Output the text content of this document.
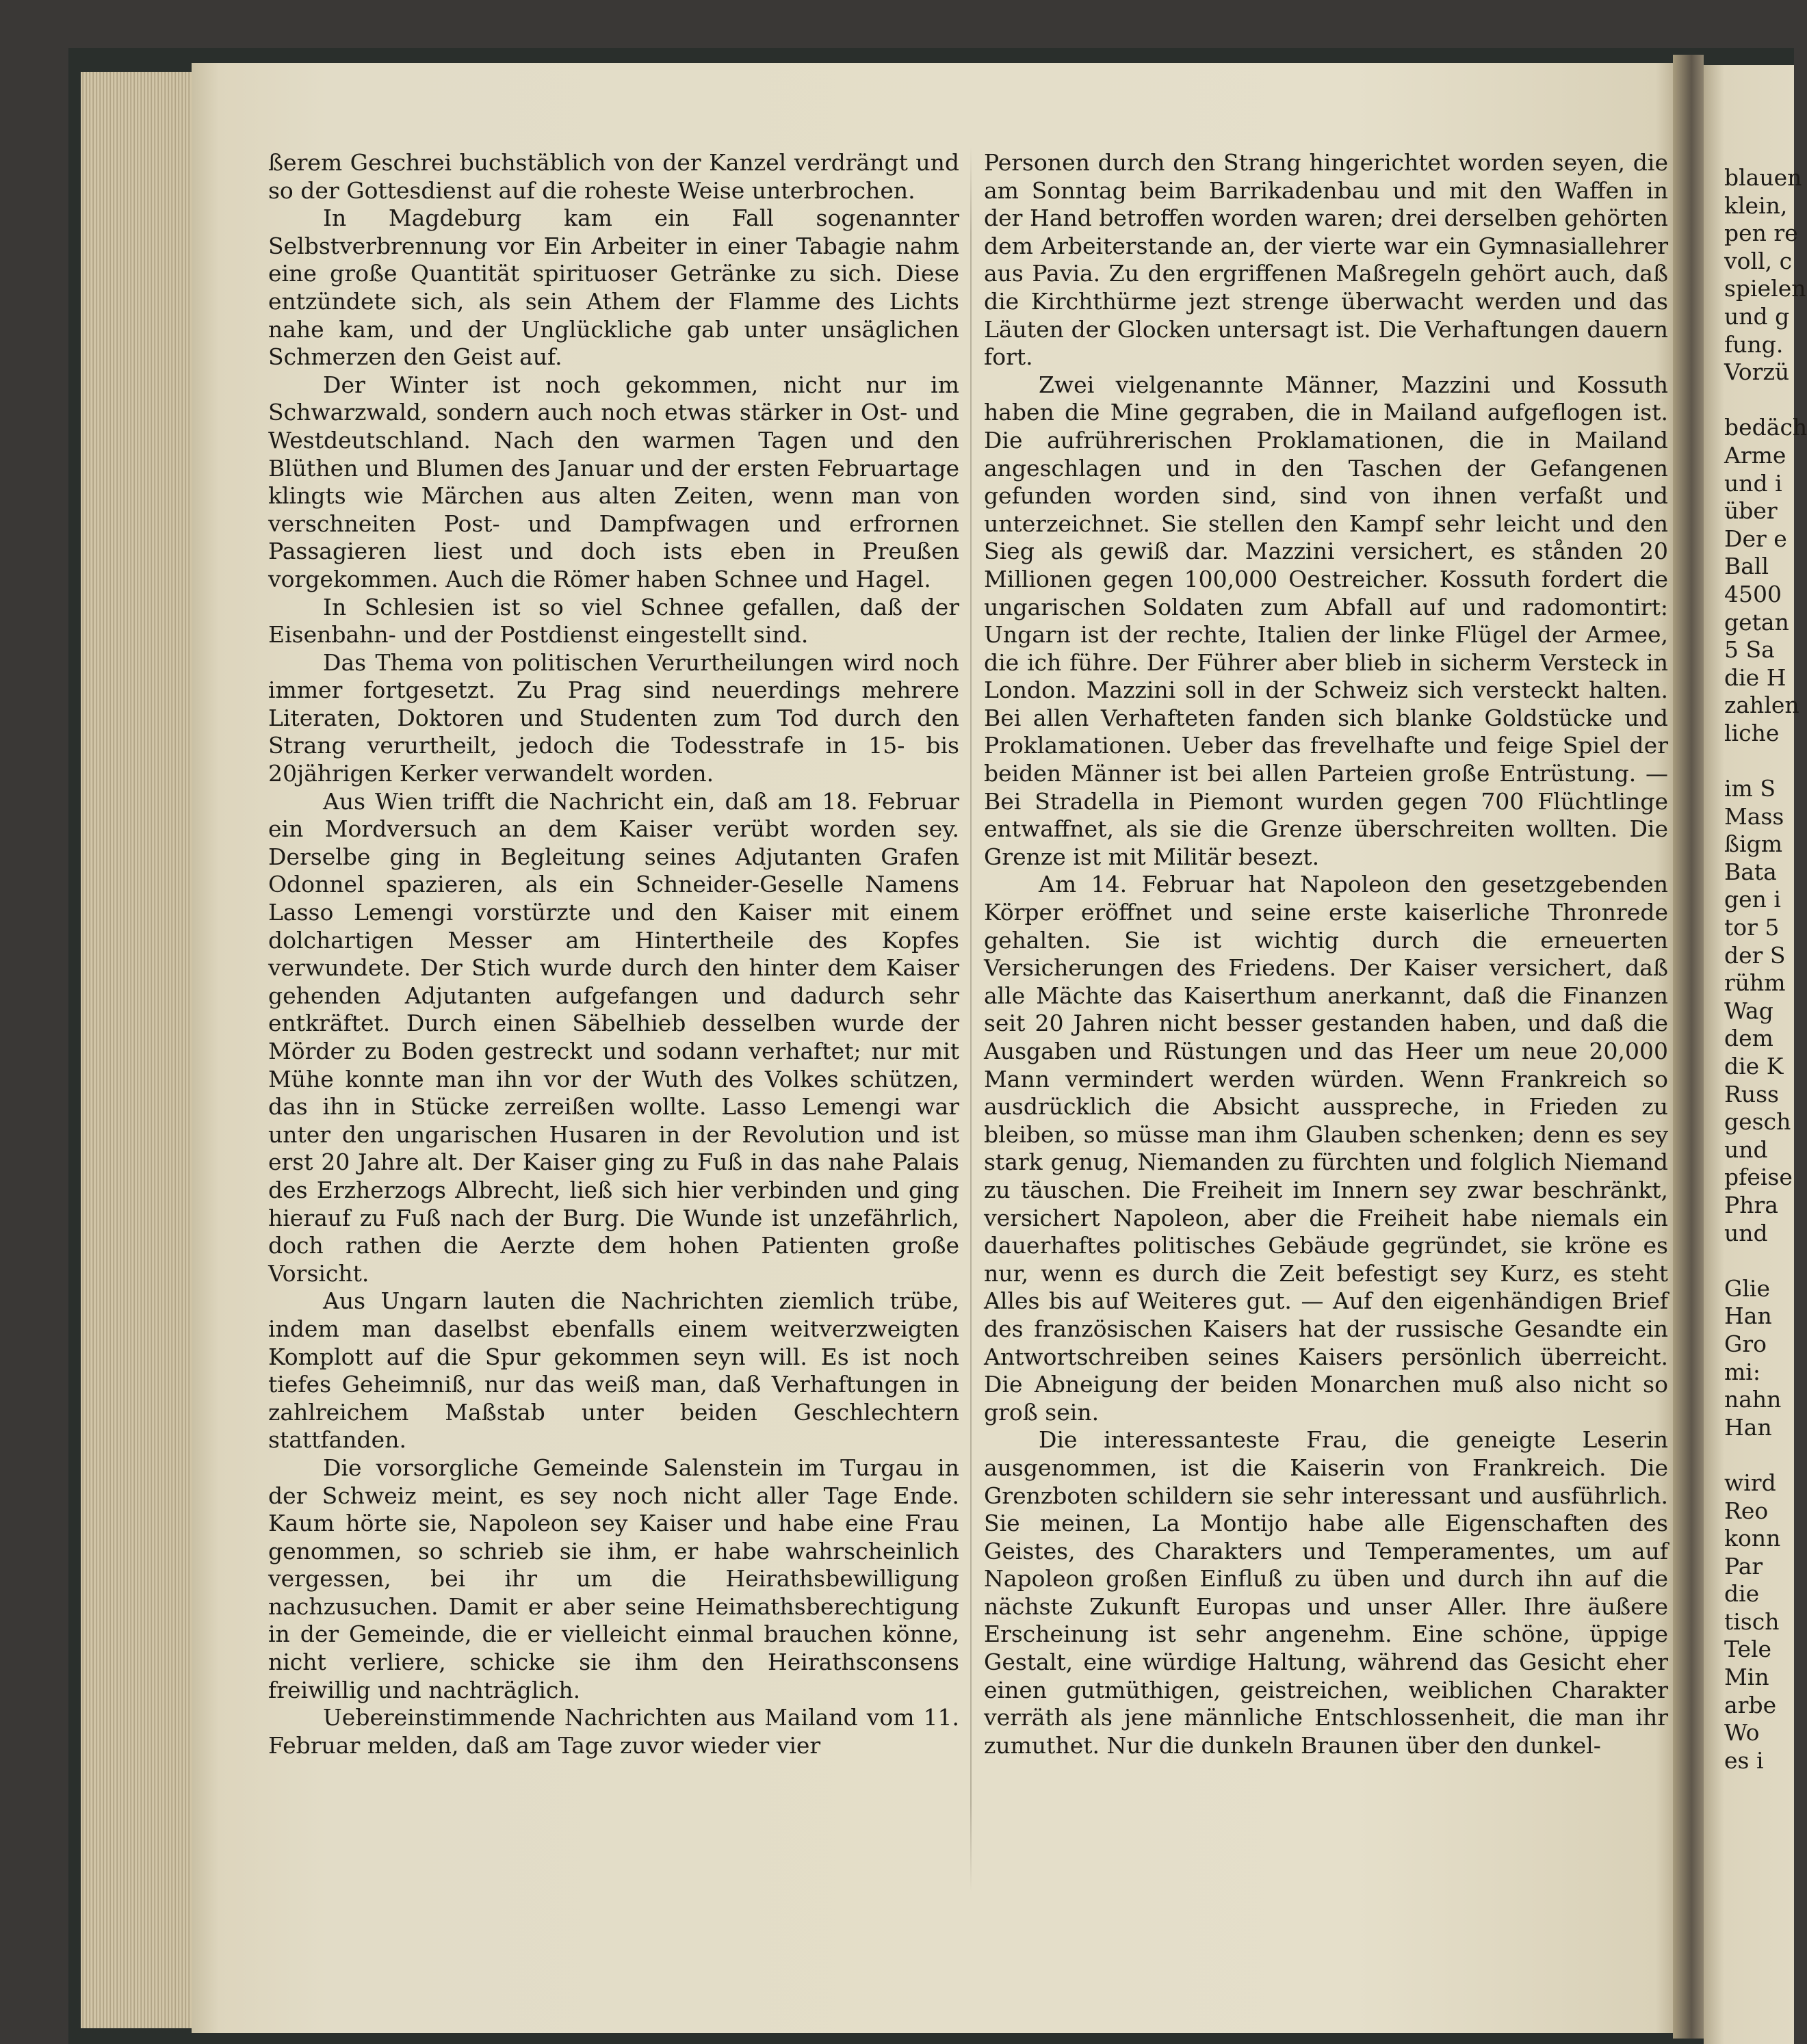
ßerem Geschrei buchstäblich von der Kanzel verdrängt und so der Gottesdienst auf die roheste Weise unterbrochen.

In Magdeburg kam ein Fall sogenannter Selbstverbrennung vor Ein Arbeiter in einer Tabagie nahm eine große Quantität spirituoser Getränke zu sich. Diese entzündete sich, als sein Athem der Flamme des Lichts nahe kam, und der Unglückliche gab unter unsäglichen Schmerzen den Geist auf.

Der Winter ist noch gekommen, nicht nur im Schwarzwald, sondern auch noch etwas stärker in Ost- und Westdeutschland. Nach den warmen Tagen und den Blüthen und Blumen des Januar und der ersten Februartage klingts wie Märchen aus alten Zeiten, wenn man von verschneiten Post- und Dampfwagen und erfrornen Passagieren liest und doch ists eben in Preußen vorgekommen. Auch die Römer haben Schnee und Hagel.

In Schlesien ist so viel Schnee gefallen, daß der Eisenbahn- und der Postdienst eingestellt sind.

Das Thema von politischen Verurtheilungen wird noch immer fortgesetzt. Zu Prag sind neuerdings mehrere Literaten, Doktoren und Studenten zum Tod durch den Strang verurtheilt, jedoch die Todesstrafe in 15- bis 20jährigen Kerker verwandelt worden.

Aus Wien trifft die Nachricht ein, daß am 18. Februar ein Mordversuch an dem Kaiser verübt worden sey. Derselbe ging in Begleitung seines Adjutanten Grafen Odonnel spazieren, als ein Schneider-Geselle Namens Lasso Lemengi vorstürzte und den Kaiser mit einem dolchartigen Messer am Hintertheile des Kopfes verwundete. Der Stich wurde durch den hinter dem Kaiser gehenden Adjutanten aufgefangen und dadurch sehr entkräftet. Durch einen Säbelhieb desselben wurde der Mörder zu Boden gestreckt und sodann verhaftet; nur mit Mühe konnte man ihn vor der Wuth des Volkes schützen, das ihn in Stücke zerreißen wollte. Lasso Lemengi war unter den ungarischen Husaren in der Revolution und ist erst 20 Jahre alt. Der Kaiser ging zu Fuß in das nahe Palais des Erzherzogs Albrecht, ließ sich hier verbinden und ging hierauf zu Fuß nach der Burg. Die Wunde ist unzefährlich, doch rathen die Aerzte dem hohen Patienten große Vorsicht.

Aus Ungarn lauten die Nachrichten ziemlich trübe, indem man daselbst ebenfalls einem weitverzweigten Komplott auf die Spur gekommen seyn will. Es ist noch tiefes Geheimniß, nur das weiß man, daß Verhaftungen in zahlreichem Maßstab unter beiden Geschlechtern stattfanden.

Die vorsorgliche Gemeinde Salenstein im Turgau in der Schweiz meint, es sey noch nicht aller Tage Ende. Kaum hörte sie, Napoleon sey Kaiser und habe eine Frau genommen, so schrieb sie ihm, er habe wahrscheinlich vergessen, bei ihr um die Heirathsbewilligung nachzusuchen. Damit er aber seine Heimathsberechtigung in der Gemeinde, die er vielleicht einmal brauchen könne, nicht verliere, schicke sie ihm den Heirathsconsens freiwillig und nachträglich.

Uebereinstimmende Nachrichten aus Mailand vom 11. Februar melden, daß am Tage zuvor wieder vier

Personen durch den Strang hingerichtet worden seyen, die am Sonntag beim Barrikadenbau und mit den Waffen in der Hand betroffen worden waren; drei derselben gehörten dem Arbeiterstande an, der vierte war ein Gymnasiallehrer aus Pavia. Zu den ergriffenen Maßregeln gehört auch, daß die Kirchthürme jezt strenge überwacht werden und das Läuten der Glocken untersagt ist. Die Verhaftungen dauern fort.

Zwei vielgenannte Männer, Mazzini und Kossuth haben die Mine gegraben, die in Mailand aufgeflogen ist. Die aufrührerischen Proklamationen, die in Mailand angeschlagen und in den Taschen der Gefangenen gefunden worden sind, sind von ihnen verfaßt und unterzeichnet. Sie stellen den Kampf sehr leicht und den Sieg als gewiß dar. Mazzini versichert, es stånden 20 Millionen gegen 100,000 Oestreicher. Kossuth fordert die ungarischen Soldaten zum Abfall auf und radomontirt: Ungarn ist der rechte, Italien der linke Flügel der Armee, die ich führe. Der Führer aber blieb in sicherm Versteck in London. Mazzini soll in der Schweiz sich versteckt halten. Bei allen Verhafteten fanden sich blanke Goldstücke und Proklamationen. Ueber das frevelhafte und feige Spiel der beiden Männer ist bei allen Parteien große Entrüstung. — Bei Stradella in Piemont wurden gegen 700 Flüchtlinge entwaffnet, als sie die Grenze überschreiten wollten. Die Grenze ist mit Militär besezt.

Am 14. Februar hat Napoleon den gesetzgebenden Körper eröffnet und seine erste kaiserliche Thronrede gehalten. Sie ist wichtig durch die erneuerten Versicherungen des Friedens. Der Kaiser versichert, daß alle Mächte das Kaiserthum anerkannt, daß die Finanzen seit 20 Jahren nicht besser gestanden haben, und daß die Ausgaben und Rüstungen und das Heer um neue 20,000 Mann vermindert werden würden. Wenn Frankreich so ausdrücklich die Absicht ausspreche, in Frieden zu bleiben, so müsse man ihm Glauben schenken; denn es sey stark genug, Niemanden zu fürchten und folglich Niemand zu täuschen. Die Freiheit im Innern sey zwar beschränkt, versichert Napoleon, aber die Freiheit habe niemals ein dauerhaftes politisches Gebäude gegründet, sie kröne es nur, wenn es durch die Zeit befestigt sey Kurz, es steht Alles bis auf Weiteres gut. — Auf den eigenhändigen Brief des französischen Kaisers hat der russische Gesandte ein Antwortschreiben seines Kaisers persönlich überreicht. Die Abneigung der beiden Monarchen muß also nicht so groß sein.

Die interessanteste Frau, die geneigte Leserin ausgenommen, ist die Kaiserin von Frankreich. Die Grenzboten schildern sie sehr interessant und ausführlich. Sie meinen, La Montijo habe alle Eigenschaften des Geistes, des Charakters und Temperamentes, um auf Napoleon großen Einfluß zu üben und durch ihn auf die nächste Zukunft Europas und unser Aller. Ihre äußere Erscheinung ist sehr angenehm. Eine schöne, üppige Gestalt, eine würdige Haltung, während das Gesicht eher einen gutmüthigen, geistreichen, weiblichen Charakter verräth als jene männliche Entschlossenheit, die man ihr zumuthet. Nur die dunkeln Braunen über den dunkel-

blauen
klein,
pen re
voll, c
spielen
und g
fung.
Vorzü
bedäch
Arme
und i
über
Der e
Ball
4500
getan
5 Sa
die H
zahlen
liche
im S
Mass
ßigm
Bata
gen i
tor 5
der S
rühm
Wag
dem
die K
Russ
gesch
und
pfeise
Phra
und
Glie
Han
Gro
mi:
nahn
Han
wird
Reo
konn
Par
die
tisch
Tele
Min
arbe
Wo
es i
